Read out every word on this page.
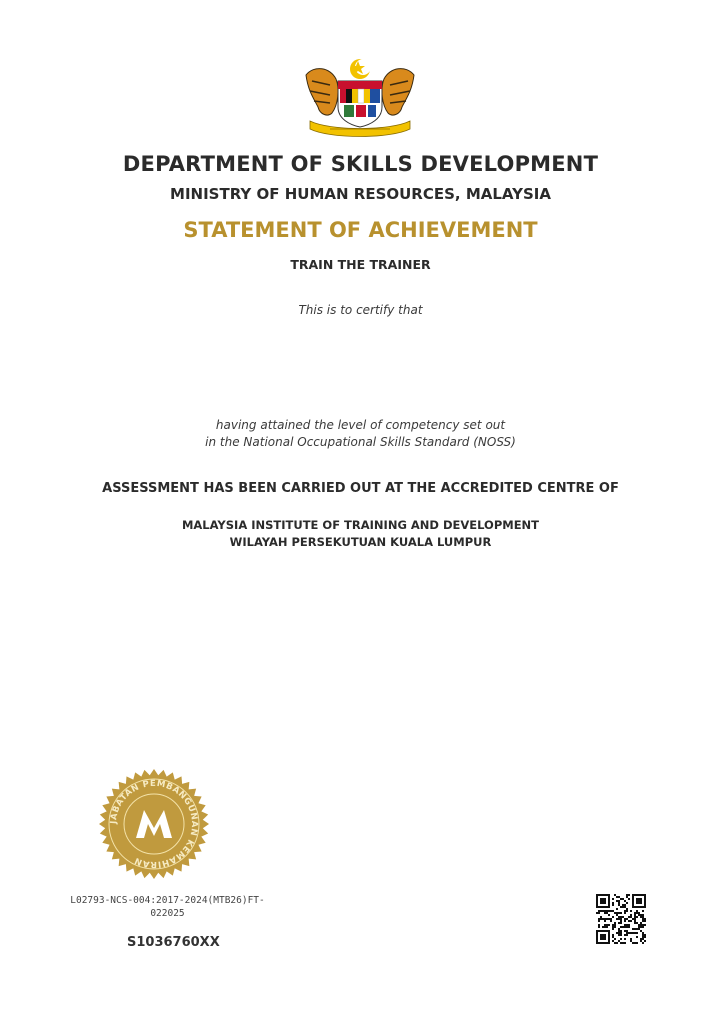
DEPARTMENT OF SKILLS DEVELOPMENT
MINISTRY OF HUMAN RESOURCES, MALAYSIA
STATEMENT OF ACHIEVEMENT
TRAIN THE TRAINER
This is to certify that
having attained the level of competency set out
in the National Occupational Skills Standard (NOSS)
ASSESSMENT HAS BEEN CARRIED OUT AT THE ACCREDITED CENTRE OF
MALAYSIA INSTITUTE OF TRAINING AND DEVELOPMENT
WILAYAH PERSEKUTUAN KUALA LUMPUR
JABATAN PEMBANGUNAN KEMAHIRAN
L02793-NCS-004:2017-2024(MTB26)FT-
022025
S1036760XX
